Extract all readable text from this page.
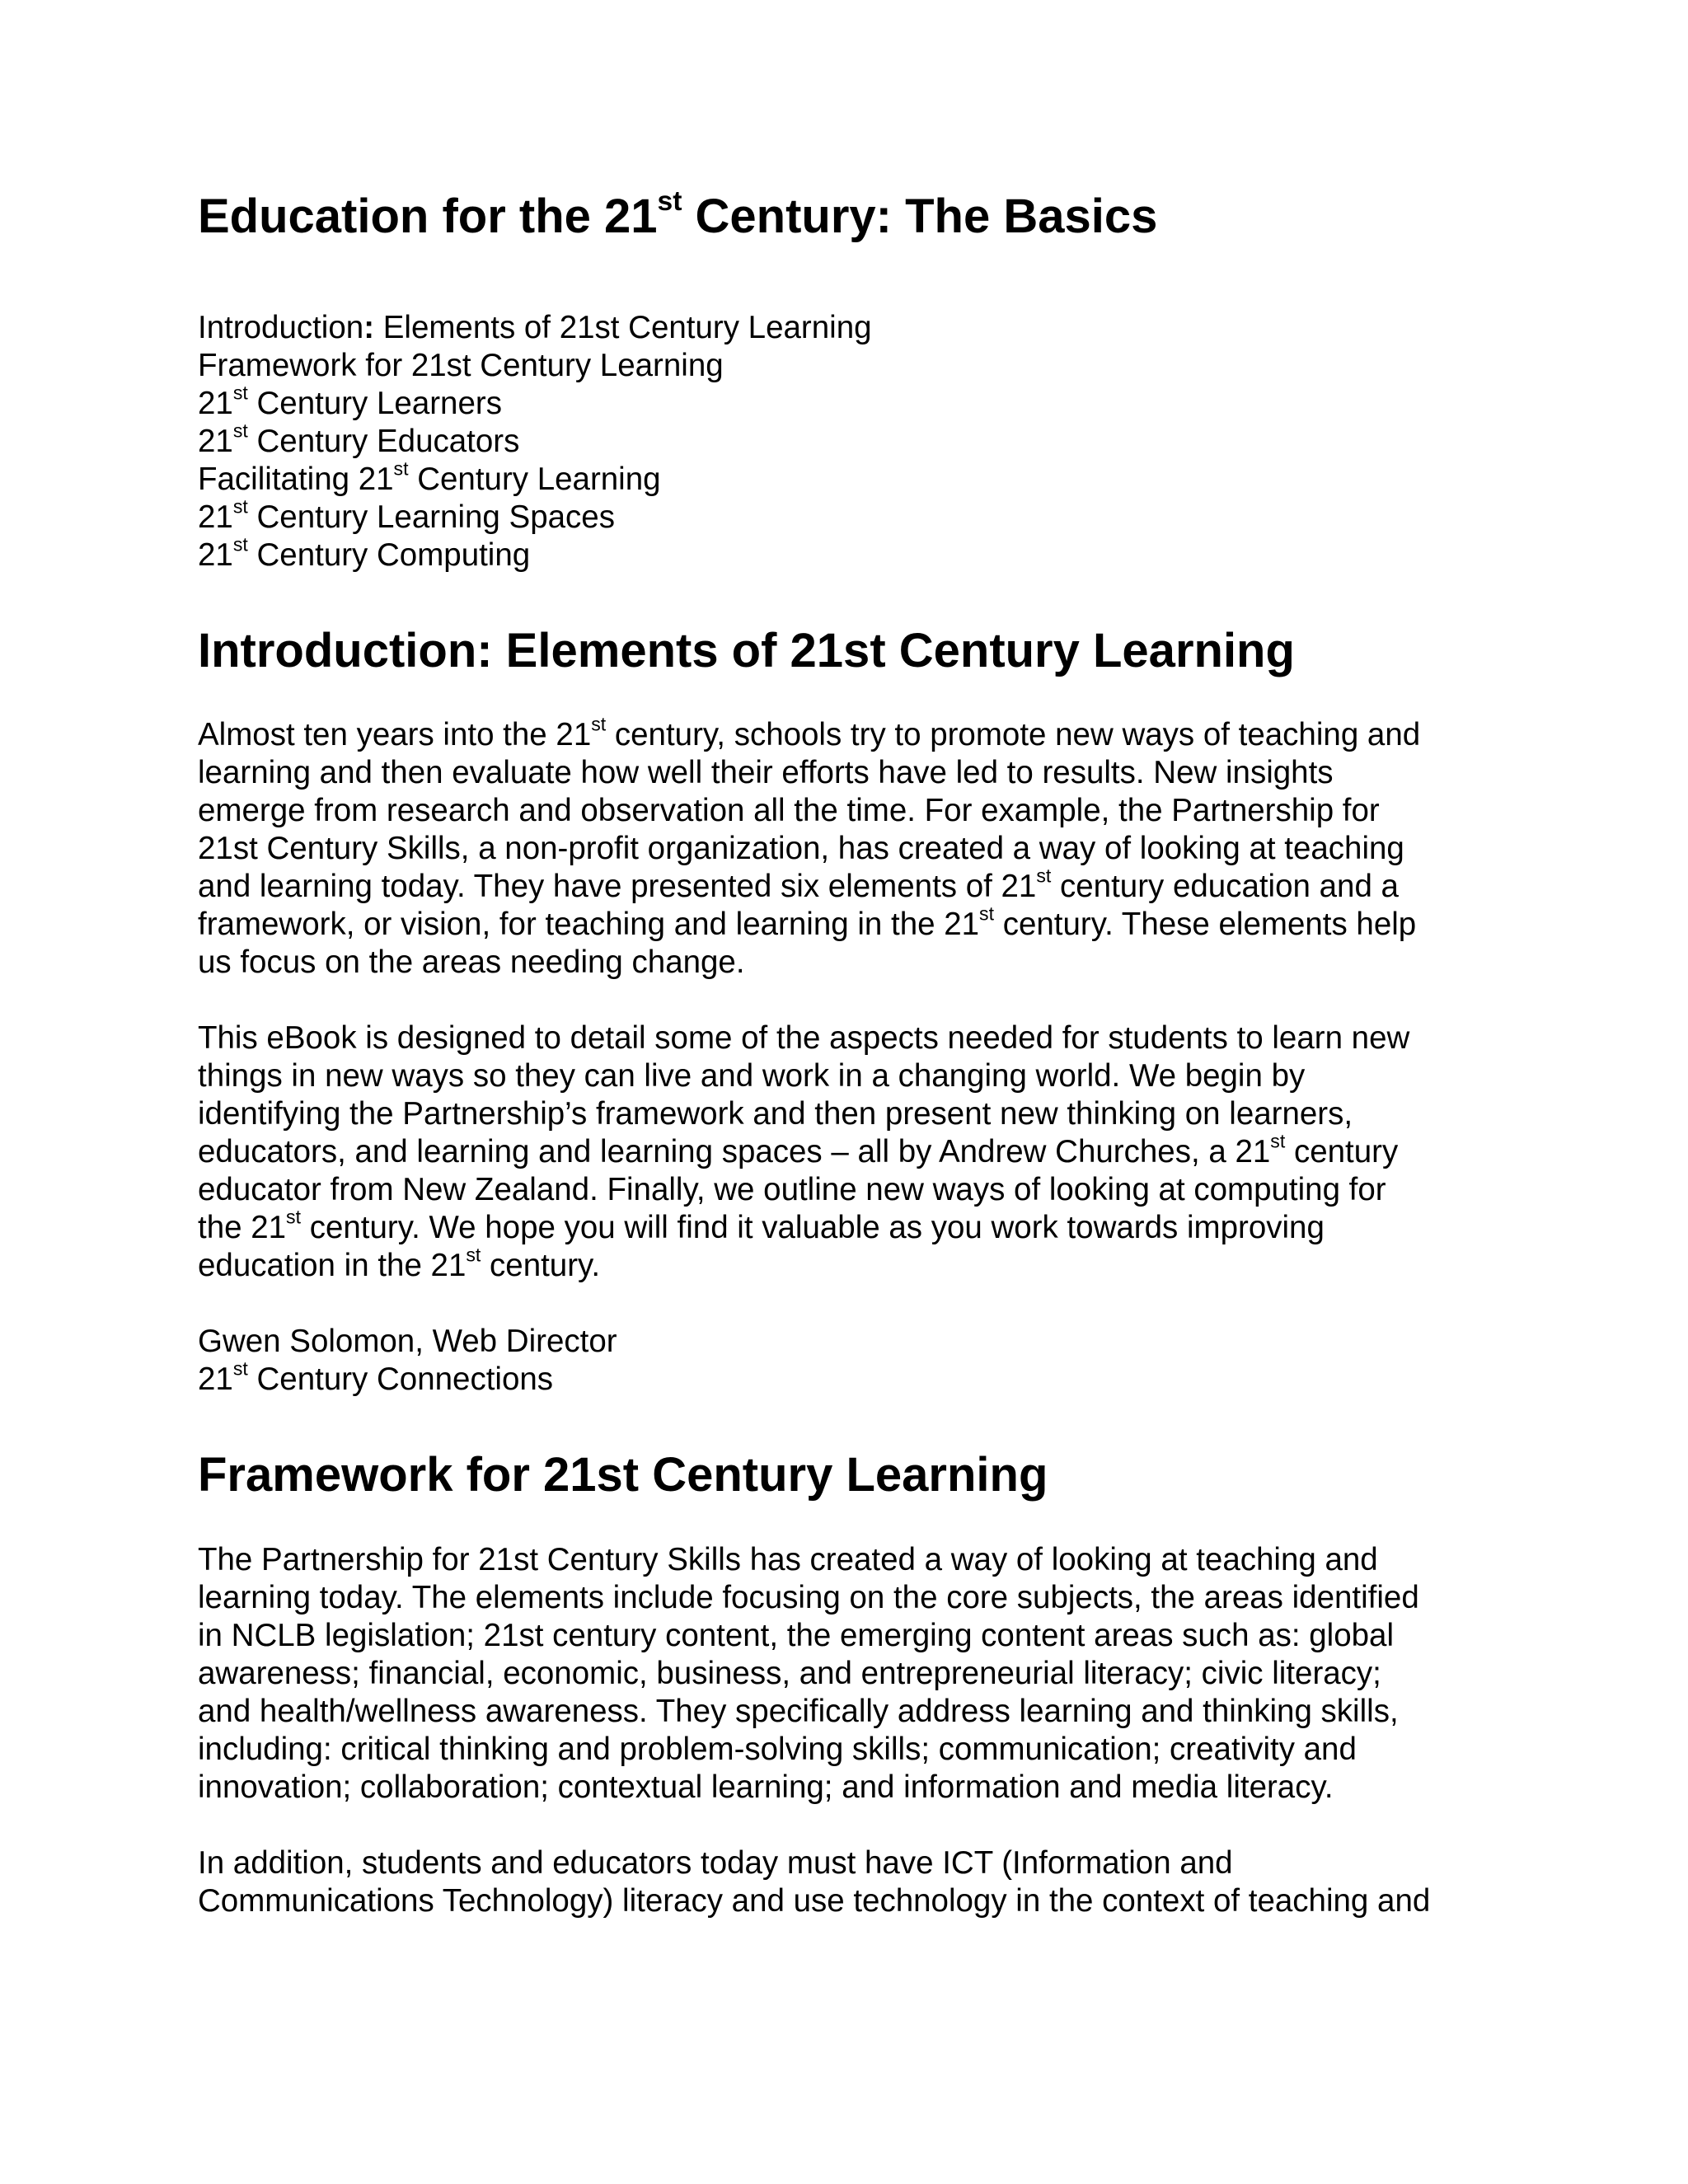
Education for the 21st Century: The Basics
Introduction: Elements of 21st Century Learning
Framework for 21st Century Learning
21st Century Learners
21st Century Educators
Facilitating 21st Century Learning
21st Century Learning Spaces
21st Century Computing
Introduction: Elements of 21st Century Learning

Almost ten years into the 21st century, schools try to promote new ways of teaching and
learning and then evaluate how well their efforts have led to results. New insights
emerge from research and observation all the time. For example, the Partnership for
21st Century Skills, a non-profit organization, has created a way of looking at teaching
and learning today. They have presented six elements of 21st century education and a
framework, or vision, for teaching and learning in the 21st century. These elements help
us focus on the areas needing change.

This eBook is designed to detail some of the aspects needed for students to learn new
things in new ways so they can live and work in a changing world. We begin by
identifying the Partnership’s framework and then present new thinking on learners,
educators, and learning and learning spaces – all by Andrew Churches, a 21st century
educator from New Zealand. Finally, we outline new ways of looking at computing for
the 21st century. We hope you will find it valuable as you work towards improving
education in the 21st century.

Gwen Solomon, Web Director
21st Century Connections
Framework for 21st Century Learning

The Partnership for 21st Century Skills has created a way of looking at teaching and
learning today. The elements include focusing on the core subjects, the areas identified
in NCLB legislation; 21st century content, the emerging content areas such as: global
awareness; financial, economic, business, and entrepreneurial literacy; civic literacy;
and health/wellness awareness. They specifically address learning and thinking skills,
including: critical thinking and problem-solving skills; communication; creativity and
innovation; collaboration; contextual learning; and information and media literacy.

In addition, students and educators today must have ICT (Information and
Communications Technology) literacy and use technology in the context of teaching and
